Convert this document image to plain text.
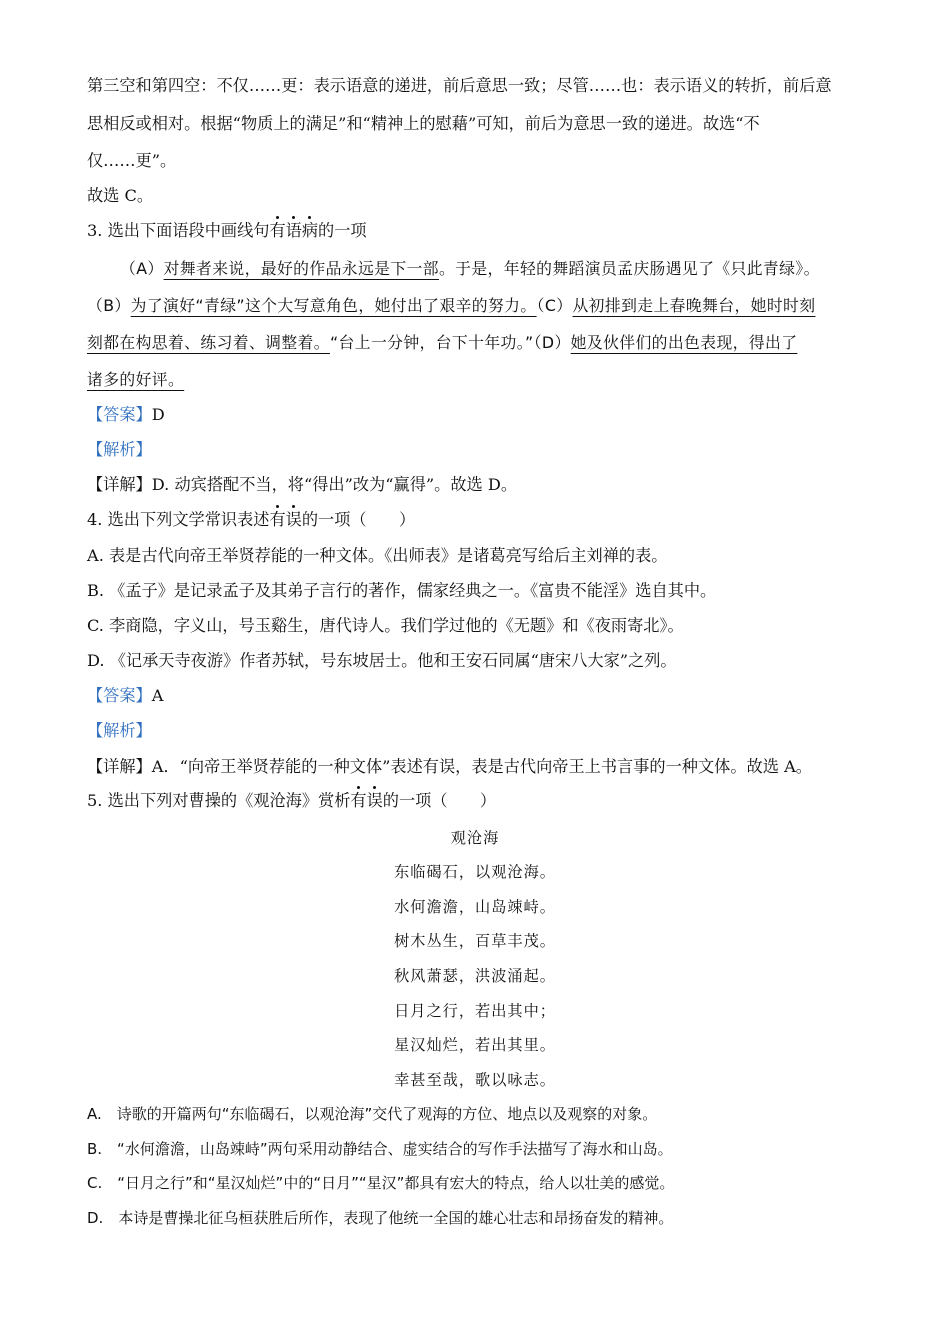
第三空和第四空：不仅……更：表示语意的递进，前后意思一致；尽管……也：表示语义的转折，前后意
思相反或相对。根据“物质上的满足”和“精神上的慰藉”可知，前后为意思一致的递进。故选“不
仅……更”。
故选 C。
3. 选出下面语段中画线句有语病的一项
（A）对舞者来说，最好的作品永远是下一部。于是，年轻的舞蹈演员孟庆肠遇见了《只此青绿》。
（B）为了演好“青绿”这个大写意角色，她付出了艰辛的努力。（C）从初排到走上春晚舞台，她时时刻
刻都在构思着、练习着、调整着。“台上一分钟，台下十年功。”（D）她及伙伴们的出色表现，得出了
诸多的好评。
【答案】D
【解析】
【详解】D. 动宾搭配不当，将“得出”改为“赢得”。故选 D。
4. 选出下列文学常识表述有误的一项（　　）
A. 表是古代向帝王举贤荐能的一种文体。《出师表》是诸葛亮写给后主刘禅的表。
B. 《孟子》是记录孟子及其弟子言行的著作，儒家经典之一。《富贵不能淫》选自其中。
C. 李商隐，字义山，号玉谿生，唐代诗人。我们学过他的《无题》和《夜雨寄北》。
D. 《记承天寺夜游》作者苏轼，号东坡居士。他和王安石同属“唐宋八大家”之列。
【答案】A
【解析】
【详解】A．“向帝王举贤荐能的一种文体”表述有误，表是古代向帝王上书言事的一种文体。故选 A。
5. 选出下列对曹操的《观沧海》赏析有误的一项（　　）
观沧海
东临碣石，以观沧海。
水何澹澹，山岛竦峙。
树木丛生，百草丰茂。
秋风萧瑟，洪波涌起。
日月之行，若出其中；
星汉灿烂，若出其里。
幸甚至哉，歌以咏志。
A.　诗歌的开篇两句“东临碣石，以观沧海”交代了观海的方位、地点以及观察的对象。
B.　“水何澹澹，山岛竦峙”两句采用动静结合、虚实结合的写作手法描写了海水和山岛。
C.　“日月之行”和“星汉灿烂”中的“日月”“星汉”都具有宏大的特点，给人以壮美的感觉。
D.　本诗是曹操北征乌桓获胜后所作，表现了他统一全国的雄心壮志和昂扬奋发的精神。
